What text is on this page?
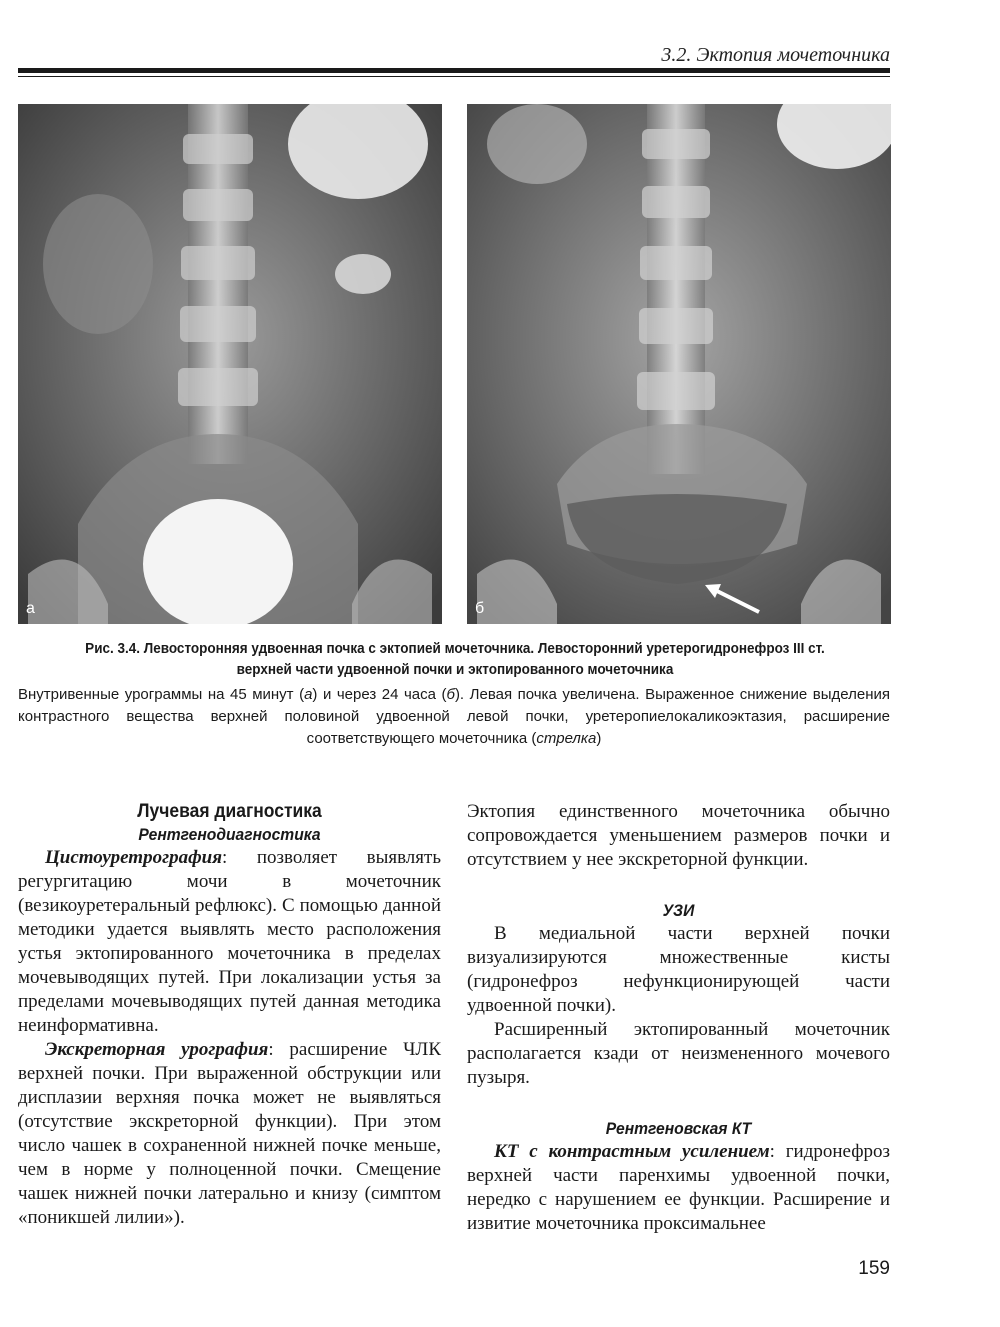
3.2. Эктопия мочеточника
а	б
Рис. 3.4. Левосторонняя удвоенная почка с эктопией мочеточника. Левосторонний уретерогидронефроз III ст.
верхней части удвоенной почки и эктопированного мочеточника
Внутривенные урограммы на 45 минут (а) и через 24 часа (б). Левая почка увеличена. Выраженное снижение выделения контрастного вещества верхней половиной удвоенной левой почки, уретеропиелокаликоэктазия, расширение соответствующего мочеточника (стрелка)
Лучевая диагностика
Рентгенодиагностика

Цистоуретрография: позволяет выявлять регургитацию мочи в мочеточник (везикоуретеральный рефлюкс). С помощью данной методики удается выявлять место расположения устья эктопированного мочеточника в пределах мочевыводящих путей. При локализации устья за пределами мочевыводящих путей данная методика неинформативна.

Экскреторная урография: расширение ЧЛК верхней почки. При выраженной обструкции или дисплазии верхняя почка может не выявляться (отсутствие экскреторной функции). При этом число чашек в сохраненной нижней почке меньше, чем в норме у полноценной почки. Смещение чашек нижней почки латерально и книзу (симптом «поникшей лилии»).

Эктопия единственного мочеточника обычно сопровождается уменьшением размеров почки и отсутствием у нее экскреторной функции.

УЗИ

В медиальной части верхней почки визуализируются множественные кисты (гидронефроз нефункционирующей части удвоенной почки).

Расширенный эктопированный мочеточник располагается кзади от неизмененного мочевого пузыря.

Рентгеновская КТ

КТ с контрастным усилением: гидронефроз верхней части паренхимы удвоенной почки, нередко с нарушением ее функции. Расширение и извитие мочеточника проксимальнее

159
